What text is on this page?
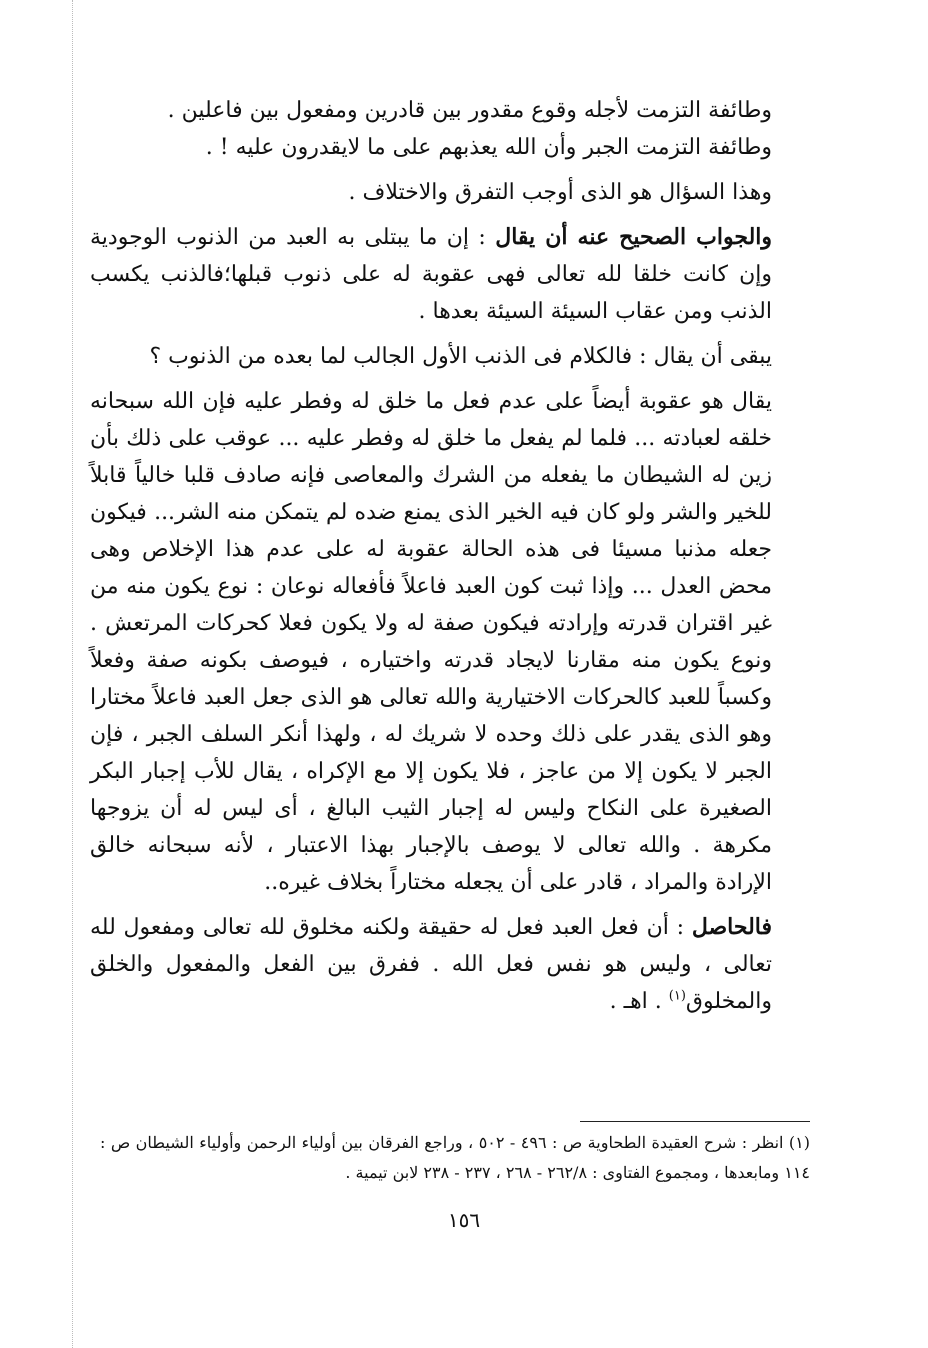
وطائفة التزمت لأجله وقوع مقدور بين قادرين ومفعول بين فاعلين .

وطائفة التزمت الجبر وأن الله يعذبهم على ما لايقدرون عليه ! .

وهذا السؤال هو الذى أوجب التفرق والاختلاف .

والجواب الصحيح عنه أن يقال : إن ما يبتلى به العبد من الذنوب الوجودية وإن كانت خلقا لله تعالى فهى عقوبة له على ذنوب قبلها؛فالذنب يكسب الذنب ومن عقاب السيئة السيئة بعدها .

يبقى أن يقال : فالكلام فى الذنب الأول الجالب لما بعده من الذنوب ؟

يقال هو عقوبة أيضاً على عدم فعل ما خلق له وفطر عليه فإن الله سبحانه خلقه لعبادته ... فلما لم يفعل ما خلق له وفطر عليه ... عوقب على ذلك بأن زين له الشيطان ما يفعله من الشرك والمعاصى فإنه صادف قلبا خالياً قابلاً للخير والشر ولو كان فيه الخير الذى يمنع ضده لم يتمكن منه الشر... فيكون جعله مذنبا مسيئا فى هذه الحالة عقوبة له على عدم هذا الإخلاص وهى محض العدل ... وإذا ثبت كون العبد فاعلاً فأفعاله نوعان : نوع يكون منه من غير اقتران قدرته وإرادته فيكون صفة له ولا يكون فعلا كحركات المرتعش . ونوع يكون منه مقارنا لايجاد قدرته واختياره ، فيوصف بكونه صفة وفعلاً وكسباً للعبد كالحركات الاختيارية والله تعالى هو الذى جعل العبد فاعلاً مختارا وهو الذى يقدر على ذلك وحده لا شريك له ، ولهذا أنكر السلف الجبر ، فإن الجبر لا يكون إلا من عاجز ، فلا يكون إلا مع الإكراه ، يقال للأب إجبار البكر الصغيرة على النكاح وليس له إجبار الثيب البالغ ، أى ليس له أن يزوجها مكرهة . والله تعالى لا يوصف بالإجبار بهذا الاعتبار ، لأنه سبحانه خالق الإرادة والمراد ، قادر على أن يجعله مختاراً بخلاف غيره..

فالحاصل : أن فعل العبد فعل له حقيقة ولكنه مخلوق لله تعالى ومفعول لله تعالى ، وليس هو نفس فعل الله . ففرق بين الفعل والمفعول والخلق والمخلوق$^{(١)}$ . اهـ .

(١) انظر : شرح العقيدة الطحاوية ص : ٤٩٦ - ٥٠٢ ، وراجع الفرقان بين أولياء الرحمن وأولياء الشيطان ص : ١١٤ ومابعدها ، ومجموع الفتاوى : ٢٦٢/٨ - ٢٦٨ ، ٢٣٧ - ٢٣٨ لابن تيمية .

١٥٦
